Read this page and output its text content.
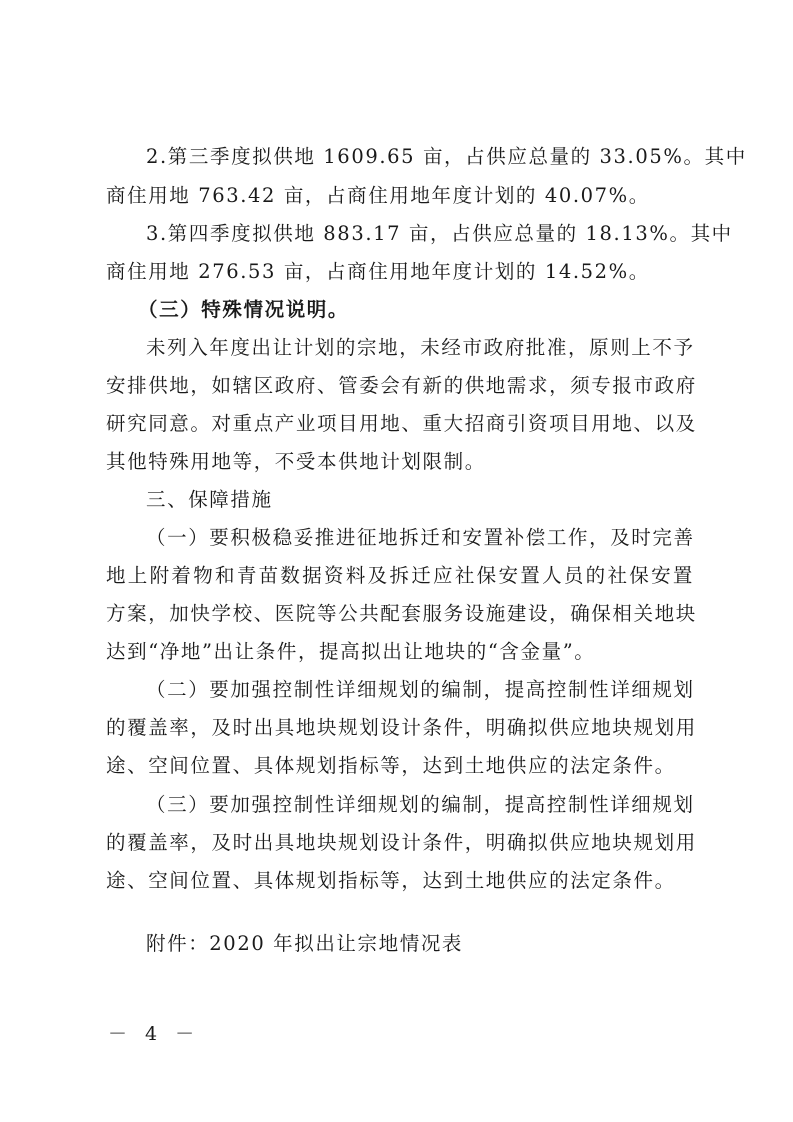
2.第三季度拟供地 1609.65 亩，占供应总量的 33.05%。其中
商住用地 763.42 亩，占商住用地年度计划的 40.07%。
3.第四季度拟供地 883.17 亩，占供应总量的 18.13%。其中
商住用地 276.53 亩，占商住用地年度计划的 14.52%。
（三）特殊情况说明。
未列入年度出让计划的宗地，未经市政府批准，原则上不予
安排供地，如辖区政府、管委会有新的供地需求，须专报市政府
研究同意。对重点产业项目用地、重大招商引资项目用地、以及
其他特殊用地等，不受本供地计划限制。
三、保障措施
（一）要积极稳妥推进征地拆迁和安置补偿工作，及时完善
地上附着物和青苗数据资料及拆迁应社保安置人员的社保安置
方案，加快学校、医院等公共配套服务设施建设，确保相关地块
达到“净地”出让条件，提高拟出让地块的“含金量”。
（二）要加强控制性详细规划的编制，提高控制性详细规划
的覆盖率，及时出具地块规划设计条件，明确拟供应地块规划用
途、空间位置、具体规划指标等，达到土地供应的法定条件。
（三）要加强控制性详细规划的编制，提高控制性详细规划
的覆盖率，及时出具地块规划设计条件，明确拟供应地块规划用
途、空间位置、具体规划指标等，达到土地供应的法定条件。
附件：2020 年拟出让宗地情况表
－ 4 －
